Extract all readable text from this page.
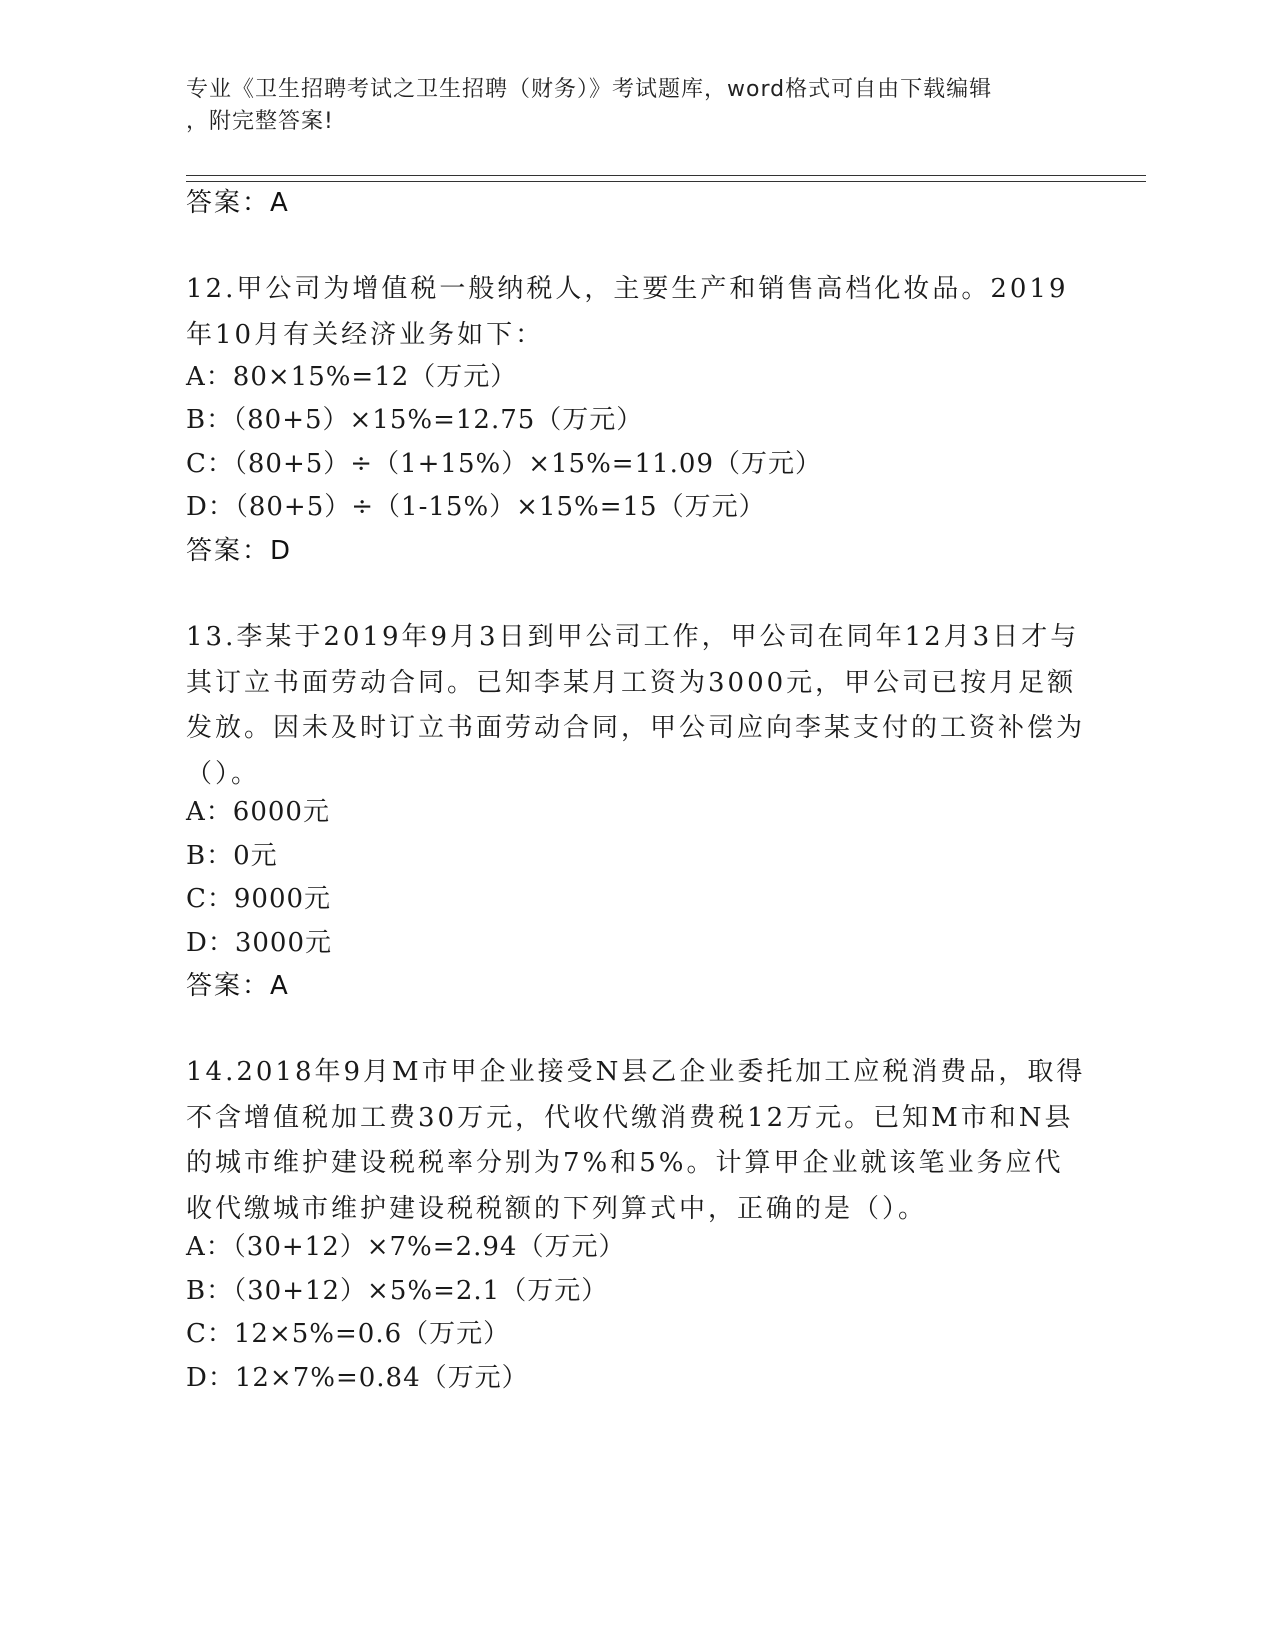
专业《卫生招聘考试之卫生招聘（财务）》考试题库，word格式可自由下载编辑
，附完整答案!
答案：A
12.甲公司为增值税一般纳税人，主要生产和销售高档化妆品。2019年10月有关经济业务如下：
A：80×15%=12（万元）
B：（80+5）×15%=12.75（万元）
C：（80+5）÷（1+15%）×15%=11.09（万元）
D：（80+5）÷（1-15%）×15%=15（万元）
答案：D
13.李某于2019年9月3日到甲公司工作，甲公司在同年12月3日才与其订立书面劳动合同。已知李某月工资为3000元，甲公司已按月足额发放。因未及时订立书面劳动合同，甲公司应向李某支付的工资补偿为（）。
A：6000元
B：0元
C：9000元
D：3000元
答案：A
14.2018年9月M市甲企业接受N县乙企业委托加工应税消费品，取得不含增值税加工费30万元，代收代缴消费税12万元。已知M市和N县的城市维护建设税税率分别为7%和5%。计算甲企业就该笔业务应代收代缴城市维护建设税税额的下列算式中，正确的是（）。
A：（30+12）×7%=2.94（万元）
B：（30+12）×5%=2.1（万元）
C：12×5%=0.6（万元）
D：12×7%=0.84（万元）
